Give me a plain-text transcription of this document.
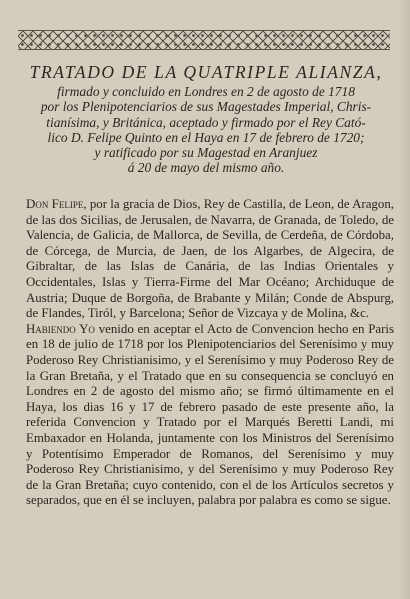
TRATADO DE LA QUATRIPLE ALIANZA,

firmado y concluido en Londres en 2 de agosto de 1718

por los Plenipotenciarios de sus Magestades Imperial, Chris-

tianísima, y Británica, aceptado y firmado por el Rey Cató-

lico D. Felipe Quinto en el Haya en 17 de febrero de 1720;

y ratificado por su Magestad en Aranjuez

á 20 de mayo del mismo año.

Don Felipe, por la gracia de Dios, Rey de Castilla, de Leon, de Aragon, de las dos Sicilias, de Jerusalen, de Navarra, de Granada, de Toledo, de Valencia, de Galicia, de Mallorca, de Sevilla, de Cerdeña, de Córdoba, de Córcega, de Murcia, de Jaen, de los Algarbes, de Algecira, de Gibraltar, de las Islas de Canária, de las Indias Orientales y Occidentales, Islas y Tierra-Firme del Mar Océano; Archiduque de Austria; Duque de Borgoña, de Brabante y Milán; Conde de Abspurg, de Flandes, Tiról, y Barcelona; Señor de Vizcaya y de Molina, &c.

Habiendo Yo venido en aceptar el Acto de Convencion hecho en Paris en 18 de julio de 1718 por los Plenipotenciarios del Serenísimo y muy Poderoso Rey Christianisimo, y el Serenísimo y muy Poderoso Rey de la Gran Bretaña, y el Tratado que en su consequencia se concluyó en Londres en 2 de agosto del mismo año; se firmó últimamente en el Haya, los dias 16 y 17 de febrero pasado de este presente año, la referida Convencion y Tratado por el Marqués Beretti Landi, mi Embaxador en Holanda, juntamente con los Ministros del Serenísimo y Potentísimo Emperador de Romanos, del Serenísimo y muy Poderoso Rey Christianisimo, y del Serenísimo y muy Poderoso Rey de la Gran Bretaña; cuyo contenido, con el de los Artículos secretos y separados, que en él se incluyen, palabra por palabra es como se sigue.
